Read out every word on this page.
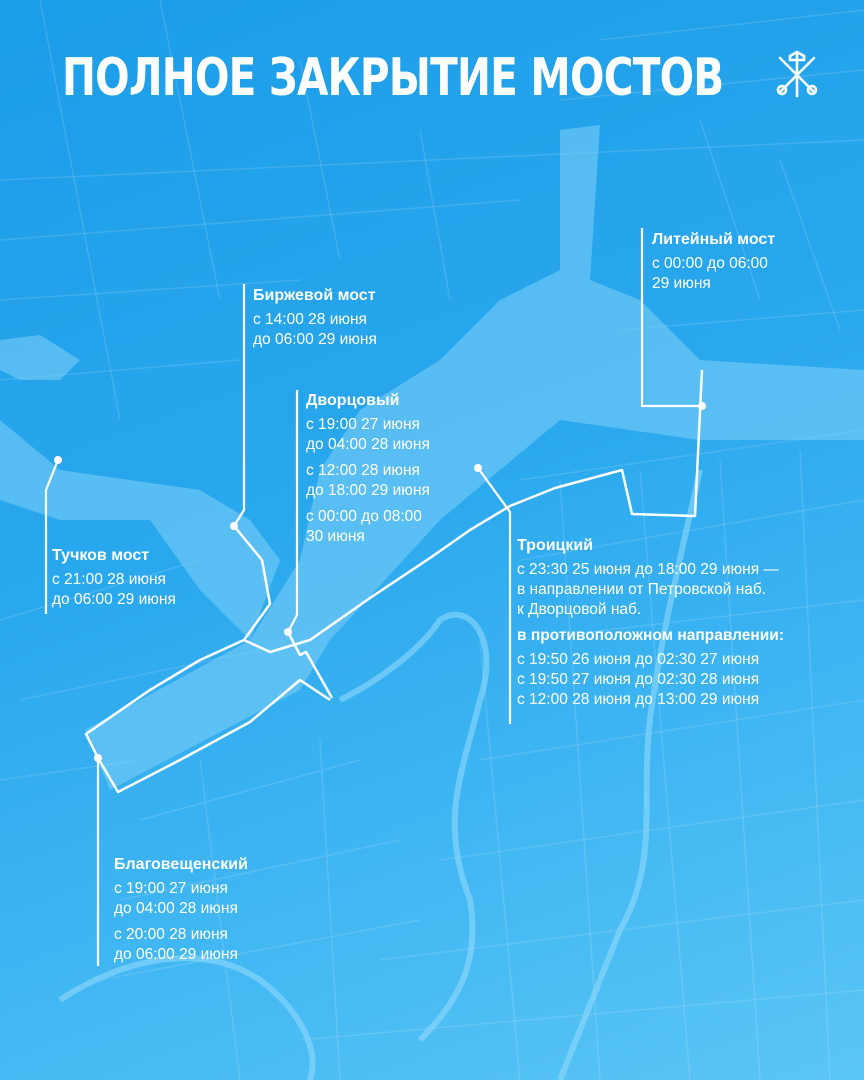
ПОЛНОЕ ЗАКРЫТИЕ МОСТОВ
Литейный мост
с 00:00 до 06:00
29 июня
Биржевой мост
с 14:00 28 июня
до 06:00 29 июня
Дворцовый
с 19:00 27 июня
до 04:00 28 июня
с 12:00 28 июня
до 18:00 29 июня
с 00:00 до 08:00
30 июня
Тучков мост
с 21:00 28 июня
до 06:00 29 июня
Троицкий
с 23:30 25 июня до 18:00 29 июня —
в направлении от Петровской наб.
к Дворцовой наб.
в противоположном направлении:
с 19:50 26 июня до 02:30 27 июня
с 19:50 27 июня до 02:30 28 июня
с 12:00 28 июня до 13:00 29 июня
Благовещенский
с 19:00 27 июня
до 04:00 28 июня
с 20:00 28 июня
до 06:00 29 июня
